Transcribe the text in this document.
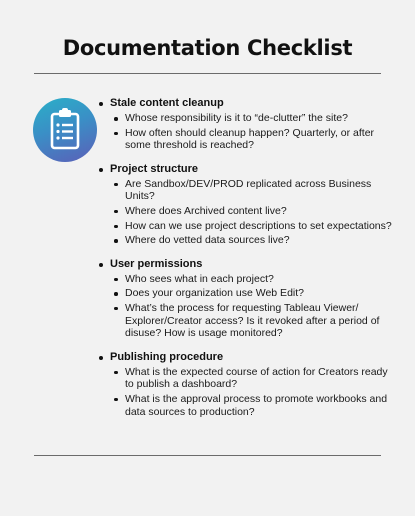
Documentation Checklist
Stale content cleanup
Whose responsibility is it to “de-clutter” the site?
How often should cleanup happen? Quarterly, or after some threshold is reached?
Project structure
Are Sandbox/DEV/PROD replicated across Business Units?
Where does Archived content live?
How can we use project descriptions to set expectations?
Where do vetted data sources live?
User permissions
Who sees what in each project?
Does your organization use Web Edit?
What’s the process for requesting Tableau Viewer/ Explorer/Creator access? Is it revoked after a period of disuse? How is usage monitored?
Publishing procedure
What is the expected course of action for Creators ready to publish a dashboard?
What is the approval process to promote workbooks and data sources to production?
